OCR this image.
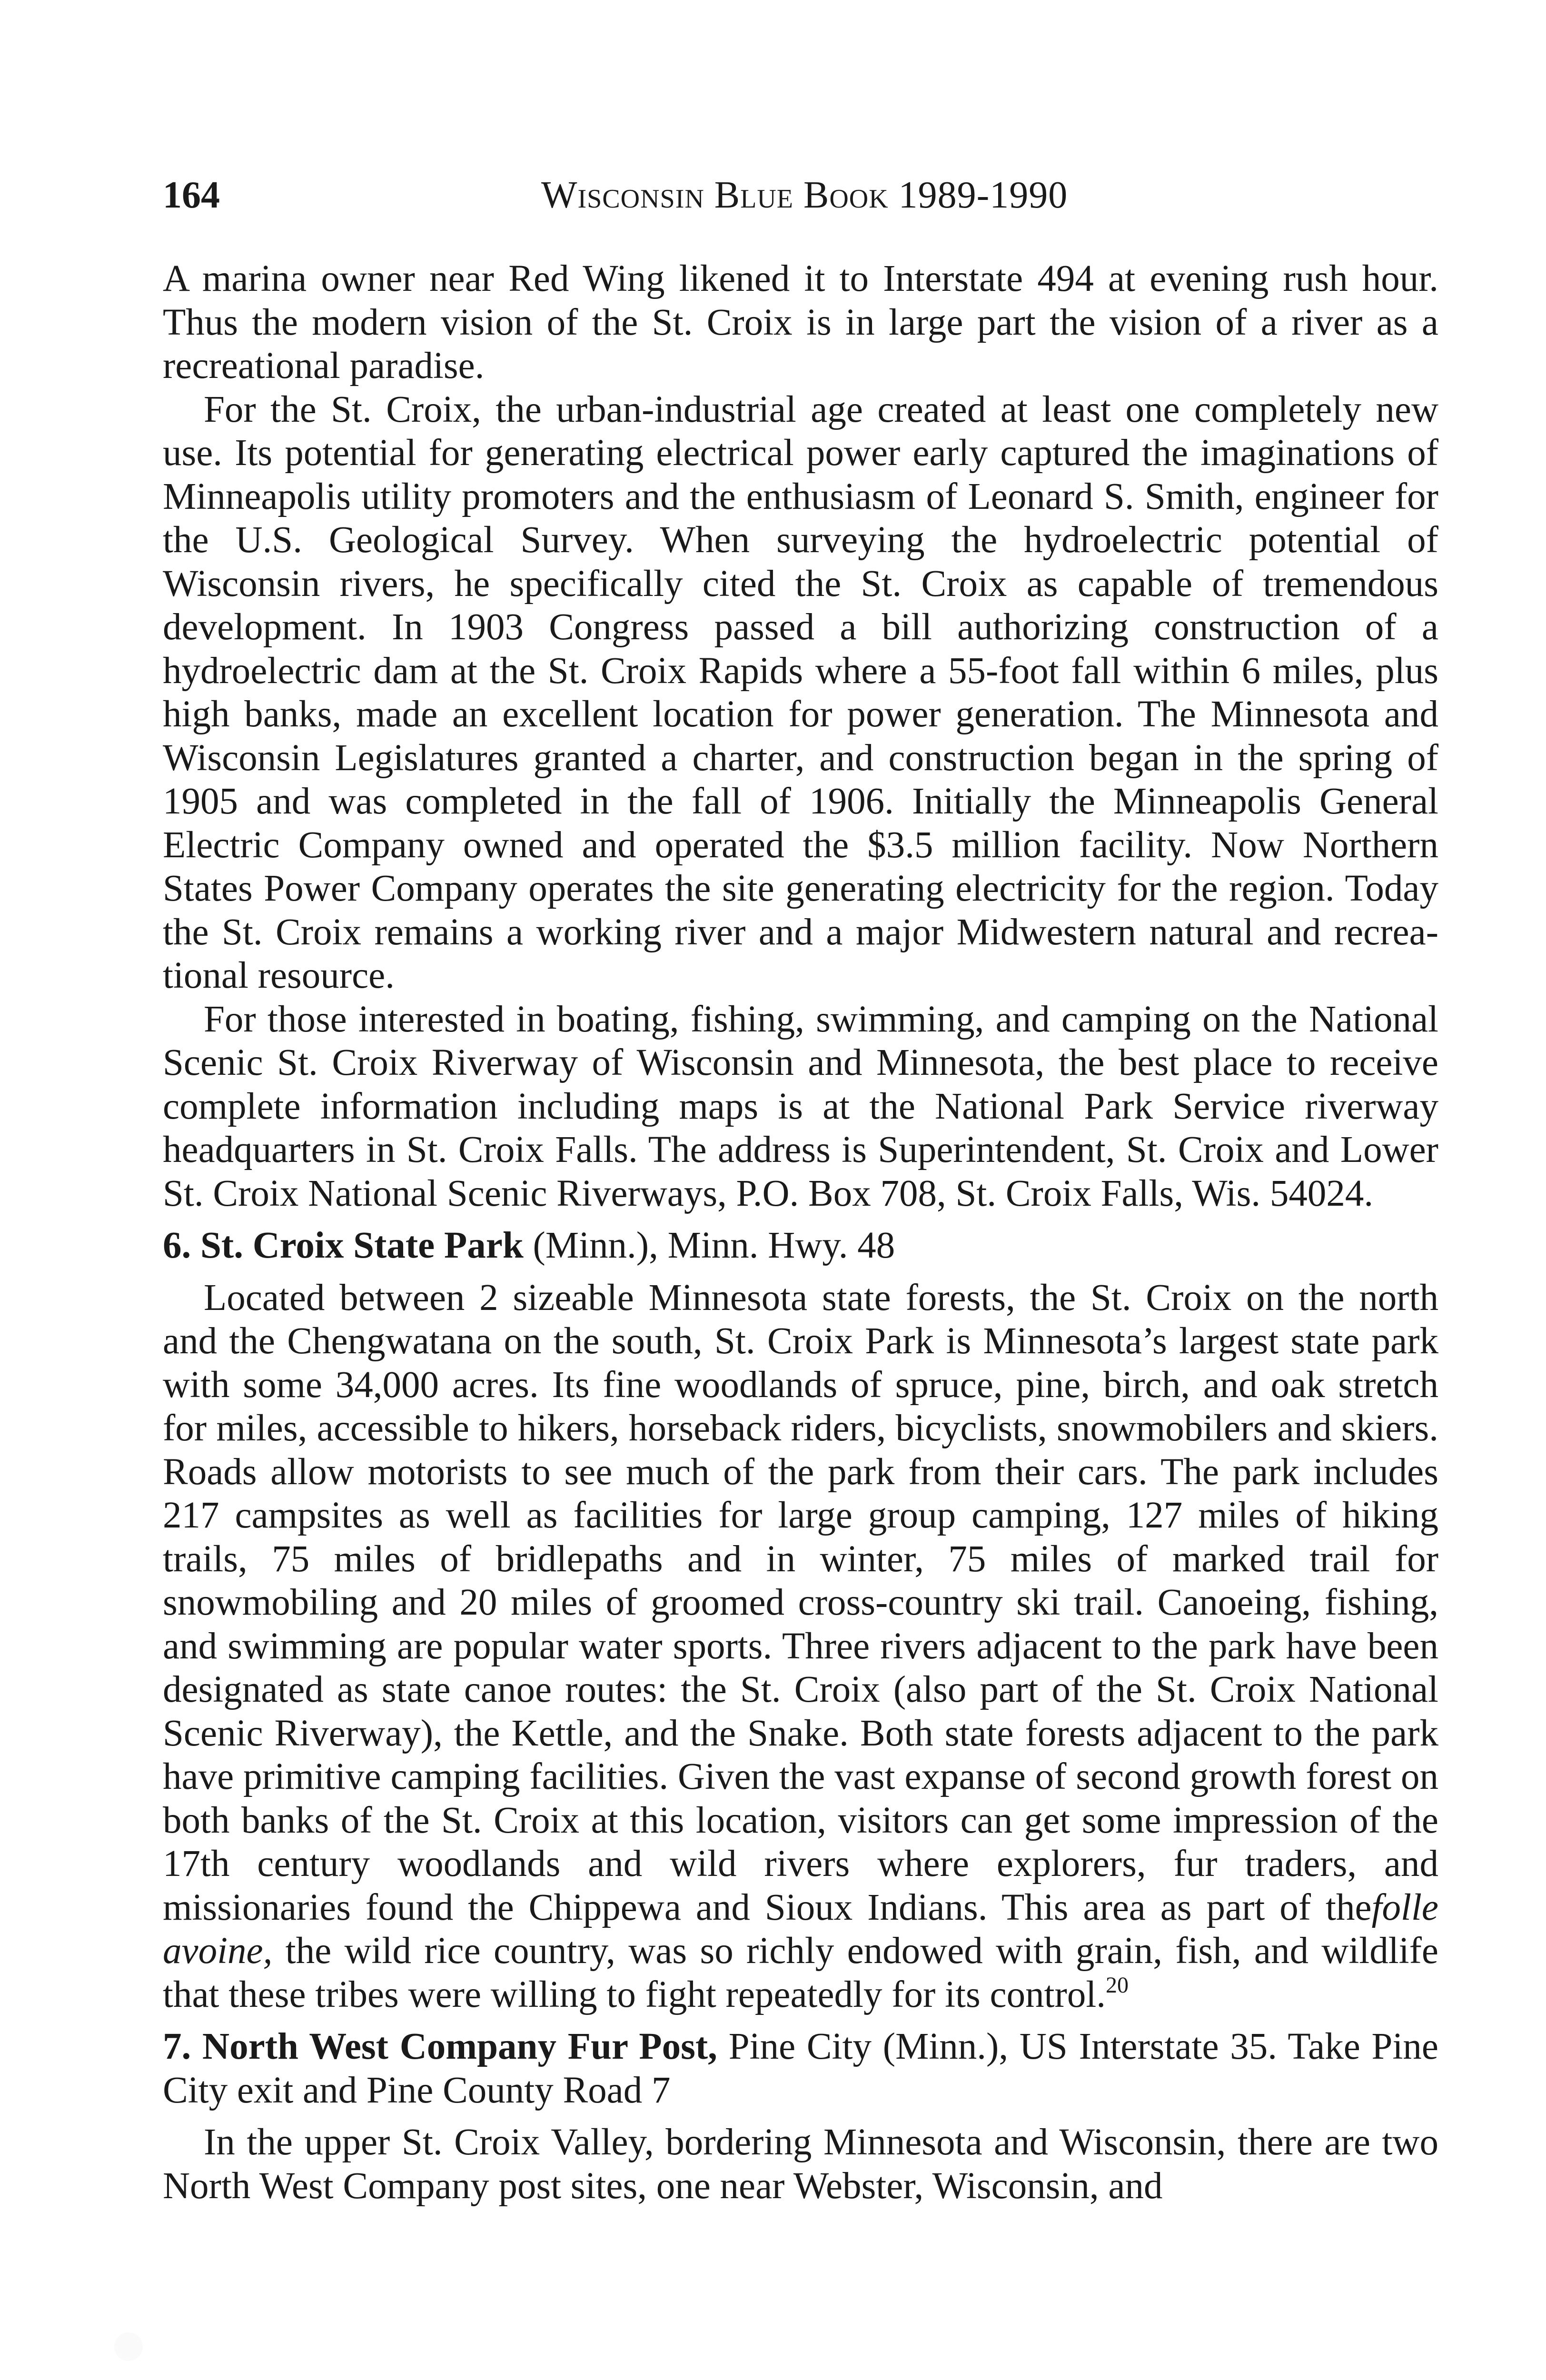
164	Wisconsin Blue Book 1989-1990

A marina owner near Red Wing likened it to Interstate 494 at evening rush hour. Thus the modern vision of the St. Croix is in large part the vision of a river as a recreational paradise.

For the St. Croix, the urban-industrial age created at least one completely new use. Its potential for generating electrical power early captured the imaginations of Minneapolis utility promoters and the enthusiasm of Leonard S. Smith, engineer for the U.S. Geological Survey. When surveying the hydroelectric potential of Wisconsin rivers, he specifically cited the St. Croix as capable of tremendous development. In 1903 Congress passed a bill authorizing construction of a hydroelectric dam at the St. Croix Rapids where a 55-foot fall within 6 miles, plus high banks, made an excellent location for power generation. The Minnesota and Wisconsin Legislatures granted a charter, and construction began in the spring of 1905 and was completed in the fall of 1906. Initially the Minneapolis General Electric Company owned and operated the $3.5 million facility. Now Northern States Power Company operates the site generating electricity for the region. Today the St. Croix remains a working river and a major Midwestern natural and recreational resource.

For those interested in boating, fishing, swimming, and camping on the National Scenic St. Croix Riverway of Wisconsin and Minnesota, the best place to receive complete information including maps is at the National Park Service riverway headquarters in St. Croix Falls. The address is Superintendent, St. Croix and Lower St. Croix National Scenic Riverways, P.O. Box 708, St. Croix Falls, Wis. 54024.

6. St. Croix State Park (Minn.), Minn. Hwy. 48

Located between 2 sizeable Minnesota state forests, the St. Croix on the north and the Chengwatana on the south, St. Croix Park is Minnesota’s largest state park with some 34,000 acres. Its fine woodlands of spruce, pine, birch, and oak stretch for miles, accessible to hikers, horseback riders, bicyclists, snowmobilers and skiers. Roads allow motorists to see much of the park from their cars. The park includes 217 campsites as well as facilities for large group camping, 127 miles of hiking trails, 75 miles of bridlepaths and in winter, 75 miles of marked trail for snowmobiling and 20 miles of groomed cross-country ski trail. Canoeing, fishing, and swimming are popular water sports. Three rivers adjacent to the park have been designated as state canoe routes: the St. Croix (also part of the St. Croix National Scenic Riverway), the Kettle, and the Snake. Both state forests adjacent to the park have primitive camping facilities. Given the vast expanse of second growth forest on both banks of the St. Croix at this location, visitors can get some impression of the 17th century woodlands and wild rivers where explorers, fur traders, and missionaries found the Chippewa and Sioux Indians. This area as part of thefolle avoine, the wild rice country, was so richly endowed with grain, fish, and wildlife that these tribes were willing to fight repeatedly for its control.$^{20}$

7. North West Company Fur Post, Pine City (Minn.), US Interstate 35. Take Pine City exit and Pine County Road 7

In the upper St. Croix Valley, bordering Minnesota and Wisconsin, there are two North West Company post sites, one near Webster, Wisconsin, and
